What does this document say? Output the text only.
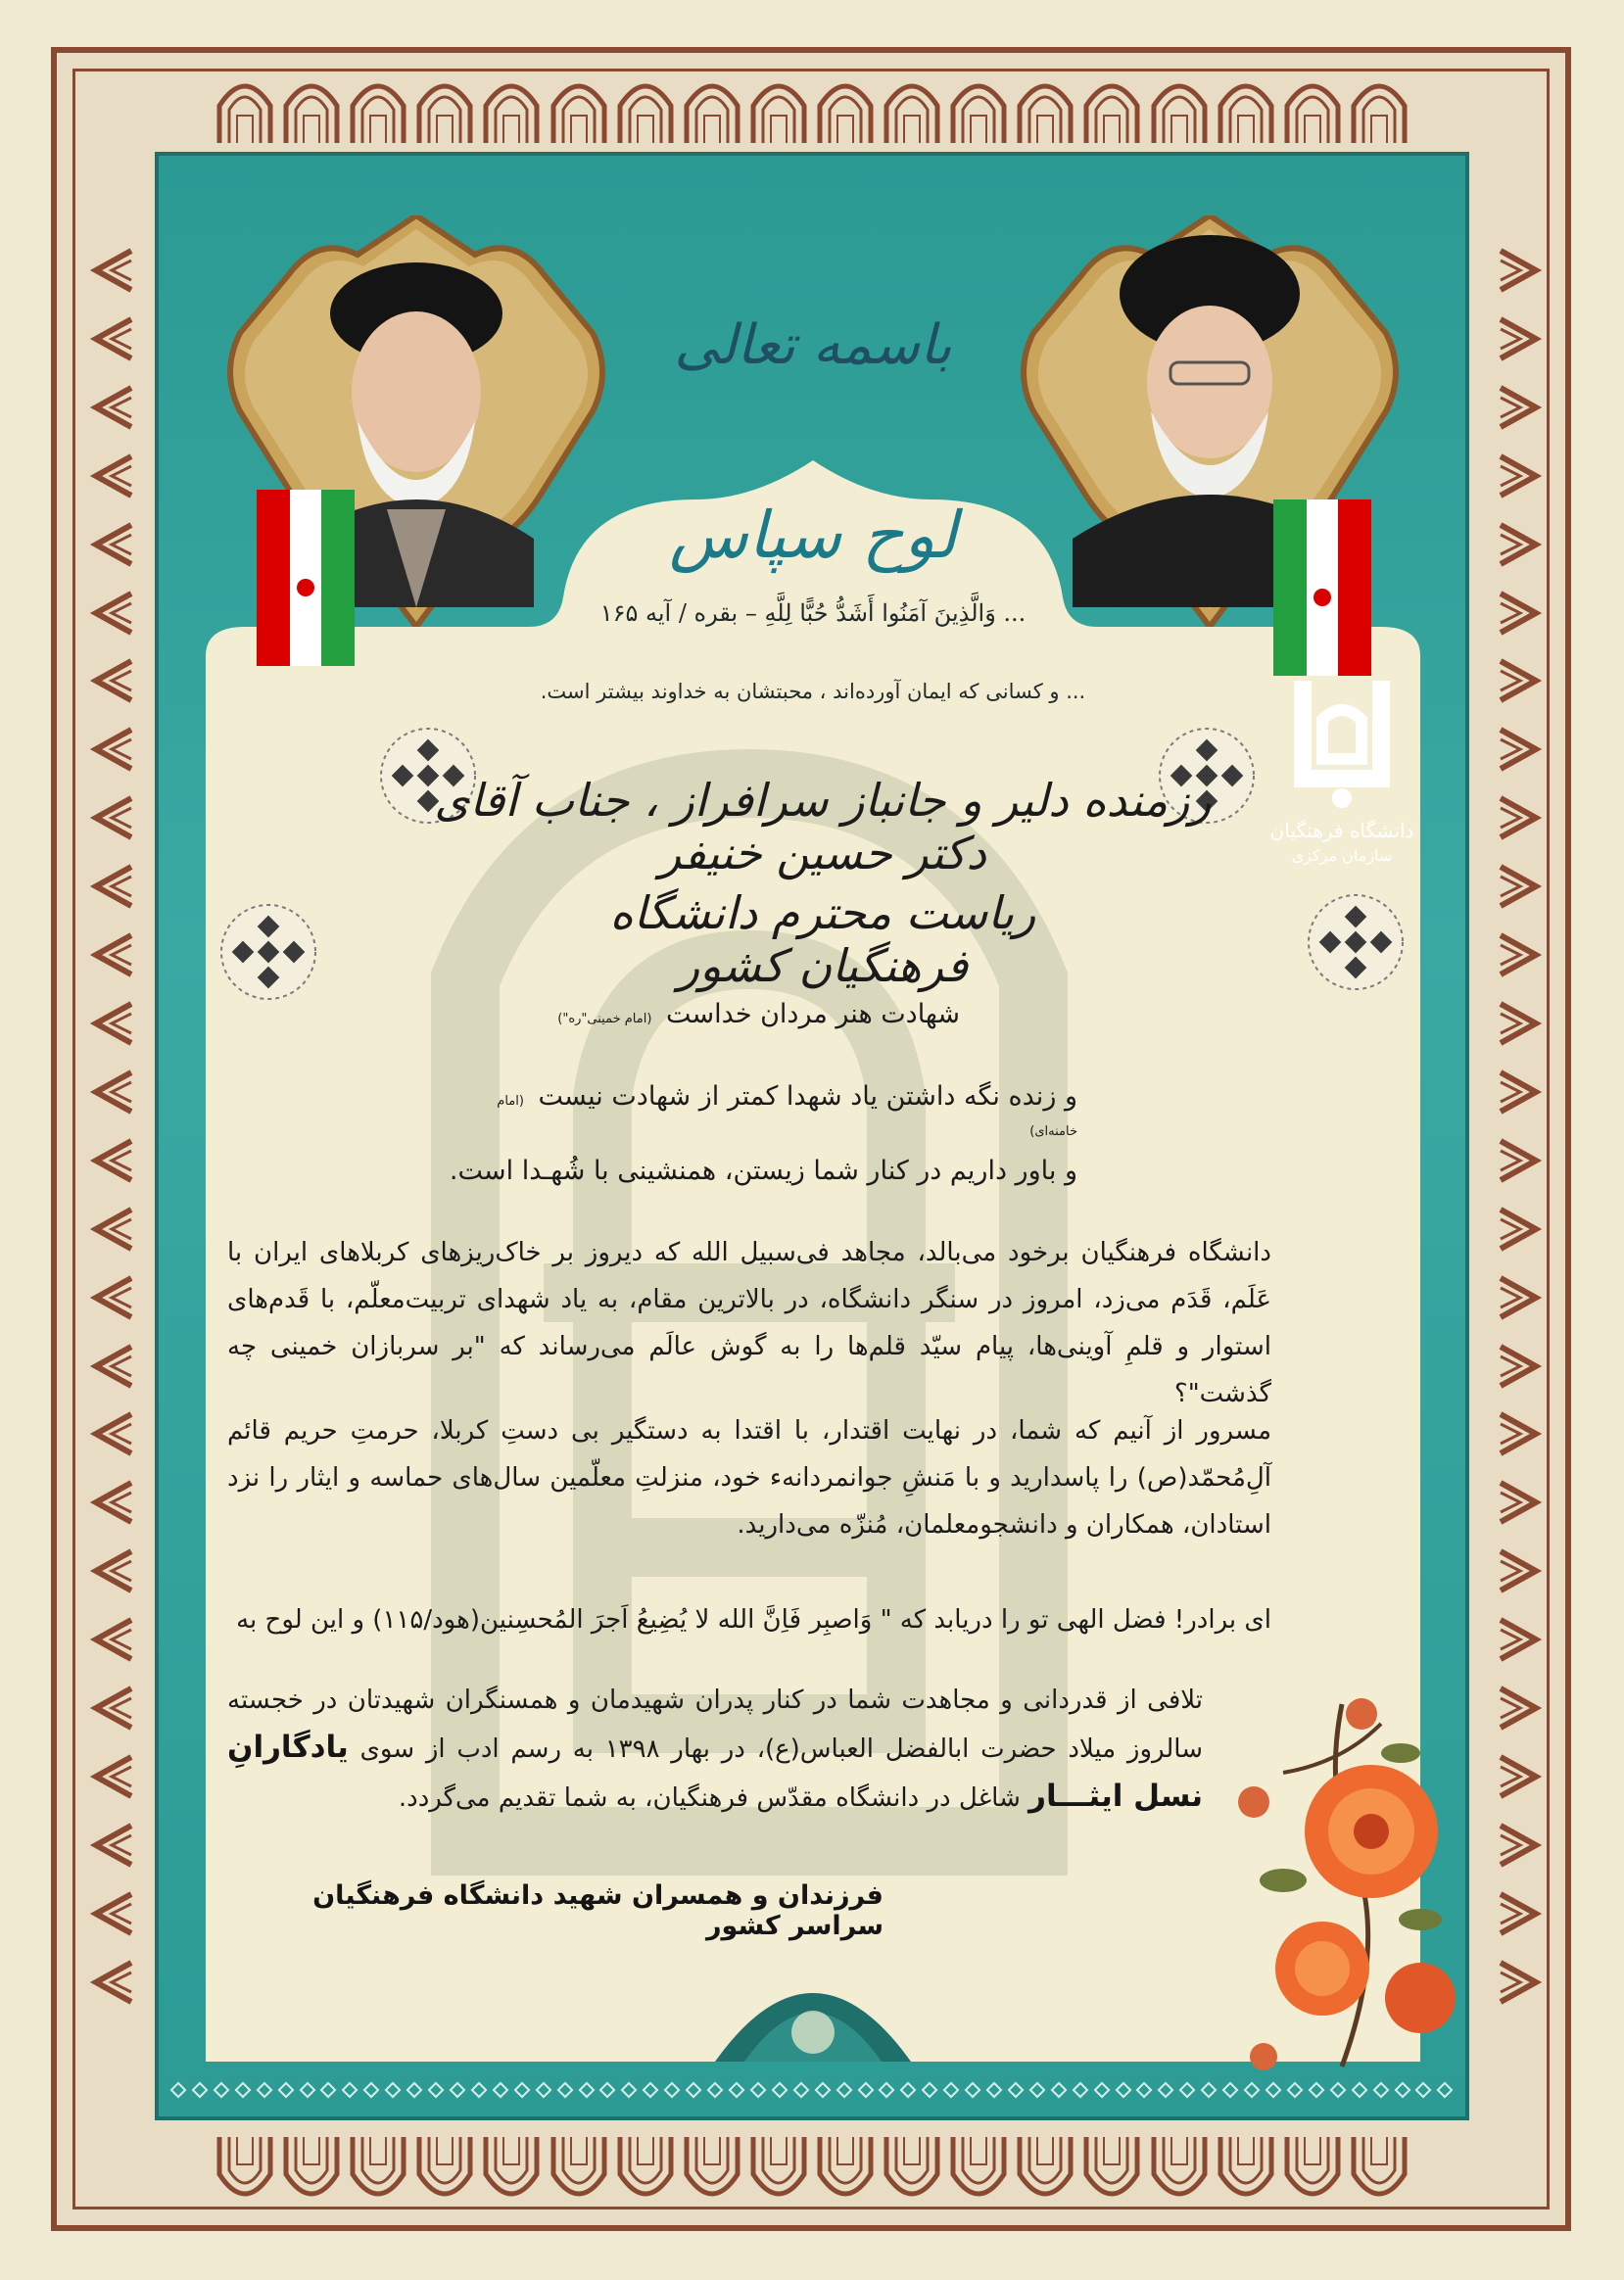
دانشگاه فرهنگیان
سازمان مرکزی
باسمه تعالی
لوح سپاس
... وَالَّذِینَ آمَنُوا أَشَدُّ حُبًّا لِلَّهِ – بقره / آیه ۱۶۵
... و کسانی که ایمان آورده‌اند ، محبتشان به خداوند بیشتر است.
رزمنده دلیر و جانباز سرافراز ، جناب آقای دکتر حسین خنیفر
ریاست محترم دانشگاه فرهنگیان کشور
شهادت هنر مردان خداست (امام خمینی"ره")
و زنده نگه داشتن یاد شهدا کمتر از شهادت نیست (امام خامنه‌ای)
و باور داریم در کنار شما زیستن، همنشینی با شُهـدا است.
دانشگاه فرهنگیان برخود می‌بالد، مجاهد فی‌سبیل الله که دیروز بر خاک‌ریزهای کربلاهای ایران با عَلَم، قَدَم می‌زد، امروز در سنگر دانشگاه، در بالاترین مقام، به یاد شهدای تربیت‌معلّم، با قَدم‌های استوار و قلمِ آوینی‌ها، پیام سیّد قلم‌ها را به گوش عالَم می‌رساند که "بر سربازان خمینی چه گذشت"؟
مسرور از آنیم که شما، در نهایت اقتدار، با اقتدا به دستگیر بی دستِ کربلا، حرمتِ حریم قائم آلِ‌مُحمّد(ص) را پاسدارید و با مَنشِ جوانمردانهء خود، منزلتِ معلّمین سال‌های حماسه و ایثار را نزد استادان، همکاران و دانشجومعلمان، مُنزّه می‌دارید.
ای برادر! فضل الهی تو را دریابد که " وَاصبِر فَاِنَّ الله لا یُضِیعُ اَجرَ المُحسِنین(هود/۱۱۵) و این لوح به
تلافی از قدردانی و مجاهدت شما در کنار پدران شهیدمان و همسنگران شهیدتان در خجسته سالروز میلاد حضرت ابالفضل العباس(ع)، در بهار ۱۳۹۸ به رسم ادب از سوی یادگارانِ نسل ایثـــار شاغل در دانشگاه مقدّس فرهنگیان، به شما تقدیم می‌گردد.
فرزندان و همسران شهید دانشگاه فرهنگیان سراسر کشور
